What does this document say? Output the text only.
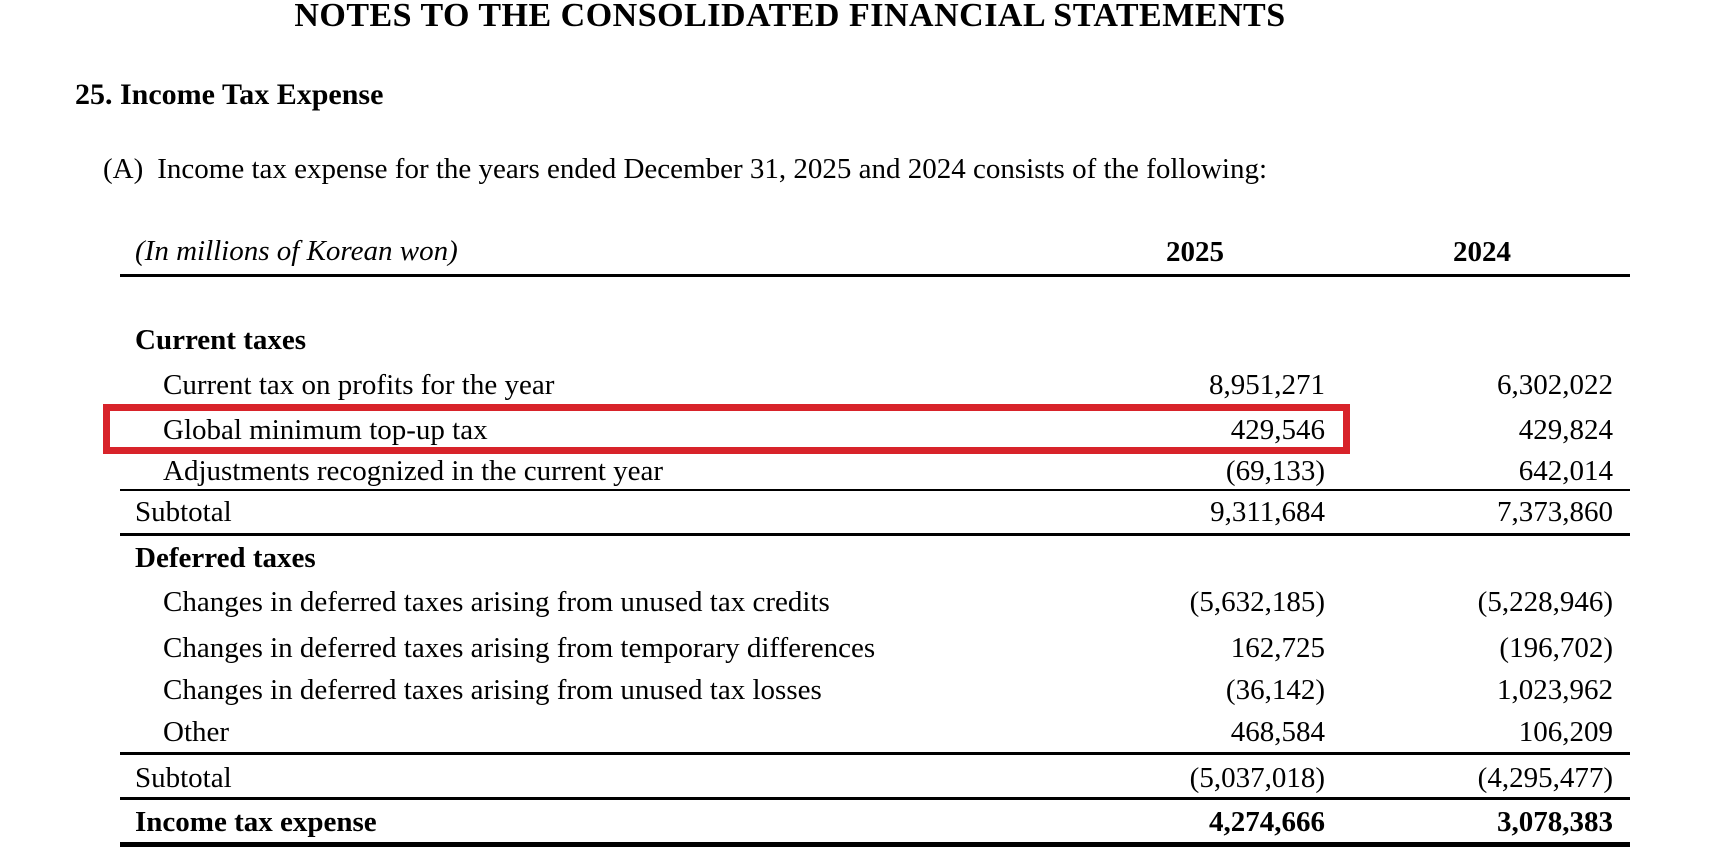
NOTES TO THE CONSOLIDATED FINANCIAL STATEMENTS
25. Income Tax Expense
(A) Income tax expense for the years ended December 31, 2025 and 2024 consists of the following:
(In millions of Korean won)	2025	2024
Current taxes
Current tax on profits for the year	8,951,271	6,302,022
Global minimum top-up tax	429,546	429,824
Adjustments recognized in the current year	(69,133)	642,014
Subtotal	9,311,684	7,373,860
Deferred taxes
Changes in deferred taxes arising from unused tax credits	(5,632,185)	(5,228,946)
Changes in deferred taxes arising from temporary differences	162,725	(196,702)
Changes in deferred taxes arising from unused tax losses	(36,142)	1,023,962
Other	468,584	106,209
Subtotal	(5,037,018)	(4,295,477)
Income tax expense	4,274,666	3,078,383
